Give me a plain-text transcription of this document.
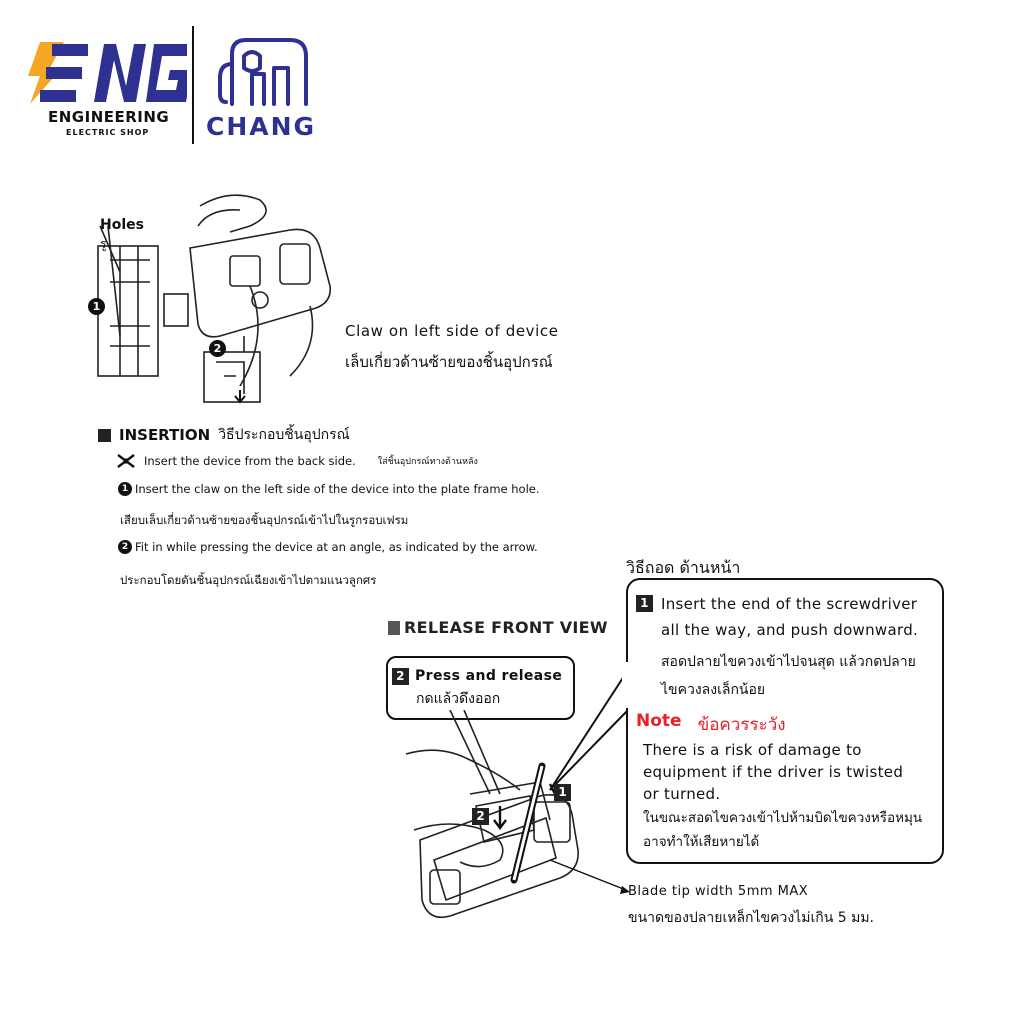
ENGINEERING
ELECTRIC SHOP CHANG
Holes
รู
1
2
Claw on left side of device
เล็บเกี่ยวด้านซ้ายของชิ้นอุปกรณ์
INSERTION วิธีประกอบชิ้นอุปกรณ์
Insert the device from the back side. ใส่ชิ้นอุปกรณ์ทางด้านหลัง
1 Insert the claw on the left side of the device into the plate frame hole.
เสียบเล็บเกี่ยวด้านซ้ายของชิ้นอุปกรณ์เข้าไปในรูกรอบเฟรม
2 Fit in while pressing the device at an angle, as indicated by the arrow.
ประกอบโดยดันชิ้นอุปกรณ์เฉียงเข้าไปตามแนวลูกศร
RELEASE FRONT VIEW
วิธีถอด ด้านหน้า
1 Insert the end of the screwdriver
all the way, and push downward.
สอดปลายไขควงเข้าไปจนสุด แล้วกดปลาย
ไขควงลงเล็กน้อย
Note ข้อควรระวัง
There is a risk of damage to
equipment if the driver is twisted
or turned.
ในขณะสอดไขควงเข้าไปห้ามบิดไขควงหรือหมุน
อาจทำให้เสียหายได้
2 Press and release
กดแล้วดึงออก
1
2
Blade tip width 5mm MAX
ขนาดของปลายเหล็กไขควงไม่เกิน 5 มม.
